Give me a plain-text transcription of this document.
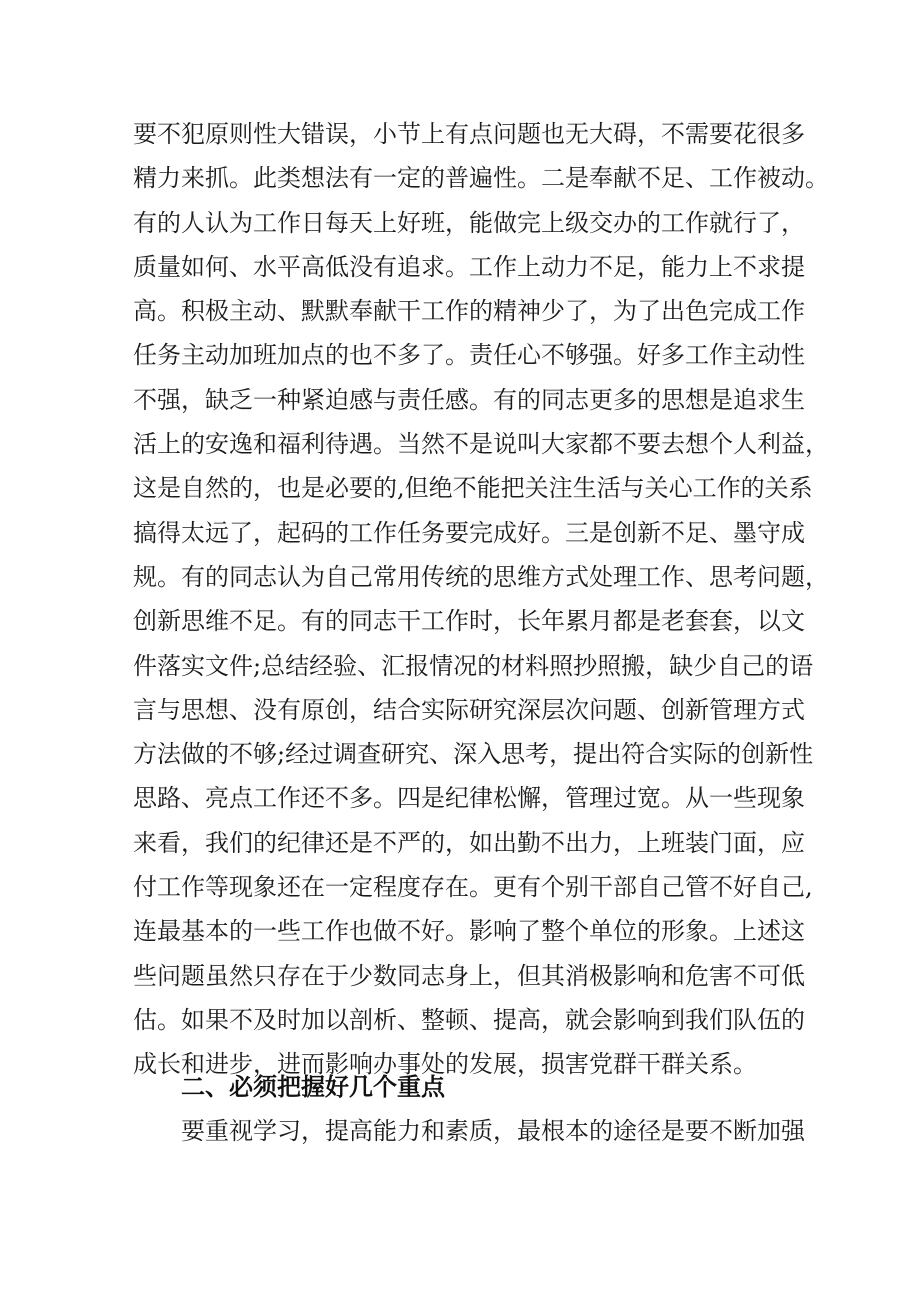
要不犯原则性大错误，小节上有点问题也无大碍，不需要花很多
精力来抓。此类想法有一定的普遍性。二是奉献不足、工作被动。
有的人认为工作日每天上好班，能做完上级交办的工作就行了，
质量如何、水平高低没有追求。工作上动力不足，能力上不求提
高。积极主动、默默奉献干工作的精神少了，为了出色完成工作
任务主动加班加点的也不多了。责任心不够强。好多工作主动性
不强，缺乏一种紧迫感与责任感。有的同志更多的思想是追求生
活上的安逸和福利待遇。当然不是说叫大家都不要去想个人利益，
这是自然的，也是必要的,但绝不能把关注生活与关心工作的关系
搞得太远了，起码的工作任务要完成好。三是创新不足、墨守成
规。有的同志认为自己常用传统的思维方式处理工作、思考问题，
创新思维不足。有的同志干工作时，长年累月都是老套套，以文
件落实文件;总结经验、汇报情况的材料照抄照搬，缺少自己的语
言与思想、没有原创，结合实际研究深层次问题、创新管理方式
方法做的不够;经过调查研究、深入思考，提出符合实际的创新性
思路、亮点工作还不多。四是纪律松懈，管理过宽。从一些现象
来看，我们的纪律还是不严的，如出勤不出力，上班装门面，应
付工作等现象还在一定程度存在。更有个别干部自己管不好自己,
连最基本的一些工作也做不好。影响了整个单位的形象。上述这
些问题虽然只存在于少数同志身上，但其消极影响和危害不可低
估。如果不及时加以剖析、整顿、提高，就会影响到我们队伍的
成长和进步，进而影响办事处的发展，损害党群干群关系。
二、必须把握好几个重点
要重视学习，提高能力和素质，最根本的途径是要不断加强
